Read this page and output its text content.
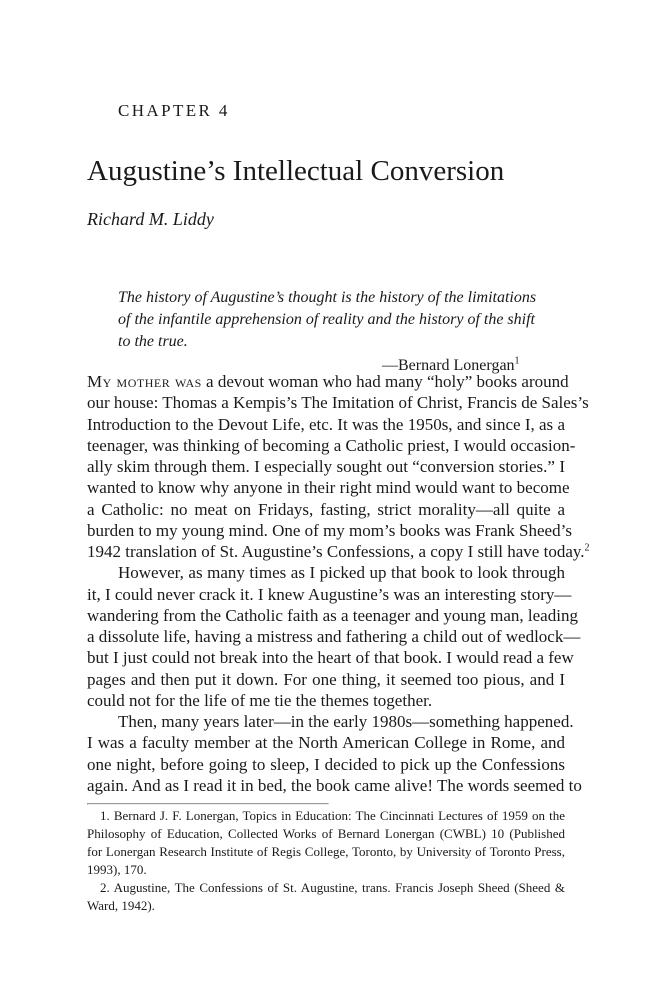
CHAPTER 4

Augustine’s Intellectual Conversion

Richard M. Liddy

The history of Augustine’s thought is the history of the limitations

of the infantile apprehension of reality and the history of the shift

to the true.

—Bernard Lonergan$^1$

My mother was a devout woman who had many “holy” books around

our house: Thomas a Kempis’s The Imitation of Christ, Francis de Sales’s

Introduction to the Devout Life, etc. It was the 1950s, and since I, as a

teenager, was thinking of becoming a Catholic priest, I would occasion-

ally skim through them. I especially sought out “conversion stories.” I

wanted to know why anyone in their right mind would want to become

a Catholic: no meat on Fridays, fasting, strict morality—all quite a

burden to my young mind. One of my mom’s books was Frank Sheed’s

1942 translation of St. Augustine’s Confessions, a copy I still have today.$^2$

However, as many times as I picked up that book to look through

it, I could never crack it. I knew Augustine’s was an interesting story—

wandering from the Catholic faith as a teenager and young man, leading

a dissolute life, having a mistress and fathering a child out of wedlock—

but I just could not break into the heart of that book. I would read a few

pages and then put it down. For one thing, it seemed too pious, and I

could not for the life of me tie the themes together.

Then, many years later—in the early 1980s—something happened.

I was a faculty member at the North American College in Rome, and

one night, before going to sleep, I decided to pick up the Confessions

again. And as I read it in bed, the book came alive! The words seemed to

1. Bernard J. F. Lonergan, Topics in Education: The Cincinnati Lectures of 1959 on the

Philosophy of Education, Collected Works of Bernard Lonergan (CWBL) 10 (Published

for Lonergan Research Institute of Regis College, Toronto, by University of Toronto Press,

1993), 170.

2. Augustine, The Confessions of St. Augustine, trans. Francis Joseph Sheed (Sheed &

Ward, 1942).
